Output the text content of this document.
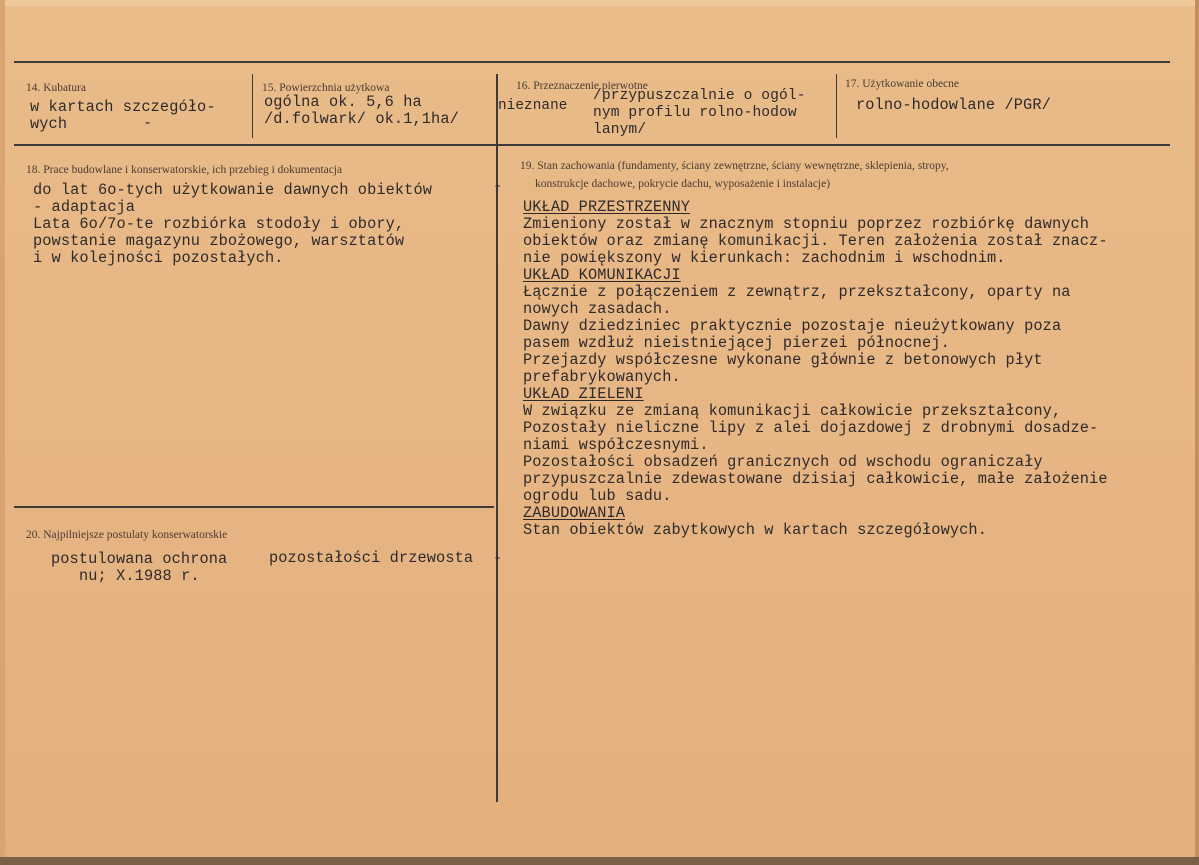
14. Kubatura
w kartach szczegóło-
wych	-
15. Powierzchnia użytkowa
ogólna ok. 5,6 ha
/d.folwark/ ok.1,1ha/
16. Przeznaczenie pierwotne
nieznane
/przypuszczalnie o ogól-
nym profilu rolno-hodow
lanym/
17. Użytkowanie obecne
rolno-hodowlane /PGR/
18. Prace budowlane i konserwatorskie, ich przebieg i dokumentacja
do lat 6o-tych użytkowanie dawnych obiektów
- adaptacja
Lata 6o/7o-te rozbiórka stodoły i obory,
powstanie magazynu zbożowego, warsztatów
i w kolejności pozostałych.
-
19. Stan zachowania (fundamenty, ściany zewnętrzne, ściany wewnętrzne, sklepienia, stropy,
konstrukcje dachowe, pokrycie dachu, wyposażenie i instalacje)
UKŁAD PRZESTRZENNY
Zmieniony został w znacznym stopniu poprzez rozbiórkę dawnych
obiektów oraz zmianę komunikacji. Teren założenia został znacz-
nie powiększony w kierunkach: zachodnim i wschodnim.
UKŁAD KOMUNIKACJI
Łącznie z połączeniem z zewnątrz, przekształcony, oparty na
nowych zasadach.
Dawny dziedziniec praktycznie pozostaje nieużytkowany poza
pasem wzdłuż nieistniejącej pierzei północnej.
Przejazdy współczesne wykonane głównie z betonowych płyt
prefabrykowanych.
UKŁAD ZIELENI
W związku ze zmianą komunikacji całkowicie przekształcony,
Pozostały nieliczne lipy z alei dojazdowej z drobnymi dosadze-
niami współczesnymi.
Pozostałości obsadzeń granicznych od wschodu ograniczały
przypuszczalnie zdewastowane dzisiaj całkowicie, małe założenie
ogrodu lub sadu.
ZABUDOWANIA
Stan obiektów zabytkowych w kartach szczegółowych.
20. Najpilniejsze postulaty konserwatorskie
postulowana ochrona	pozostałości drzewosta -
nu; X.1988 r.
